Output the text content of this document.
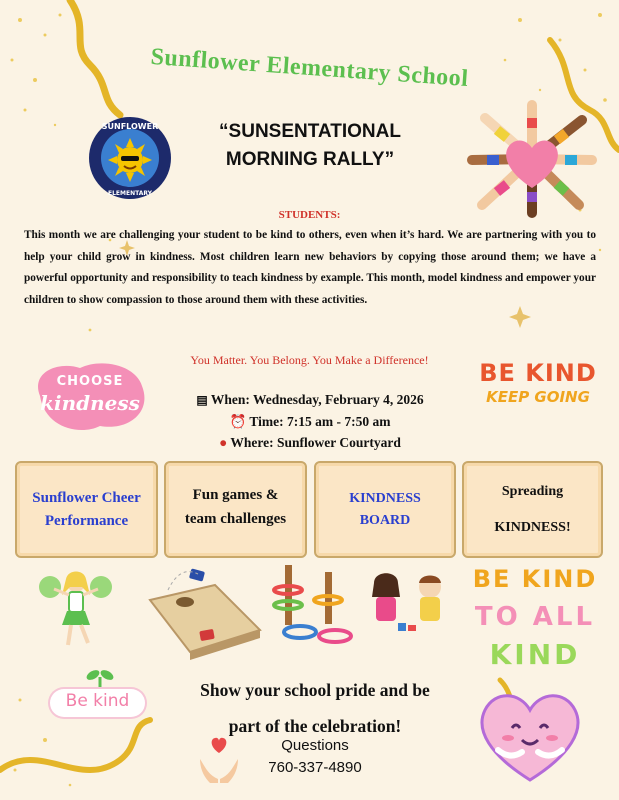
Sunflower Elementary School
SUNFLOWER
ELEMENTARY
“SUNSENTATIONAL
MORNING RALLY”
STUDENTS:
This month we are challenging your student to be kind to others, even when it’s hard. We are partnering with you to help your child grow in kindness. Most children learn new behaviors by copying those around them; we have a powerful opportunity and responsibility to teach kindness by example. This month, model kindness and empower your children to show compassion to those around them with these activities.
CHOOSE
kindness
You Matter. You Belong. You Make a Difference!
▤ When: Wednesday, February 4, 2026
⏰ Time: 7:15 am - 7:50 am
● Where: Sunflower Courtyard
BE KIND
KEEP GOING
Sunflower Cheer
Performance
Fun games &
team challenges
KINDNESS
BOARD
Spreading
KINDNESS!
BE KIND
TO ALL
KIND
Be kind
Show your school pride and be
part of the celebration!
Questions
760-337-4890
